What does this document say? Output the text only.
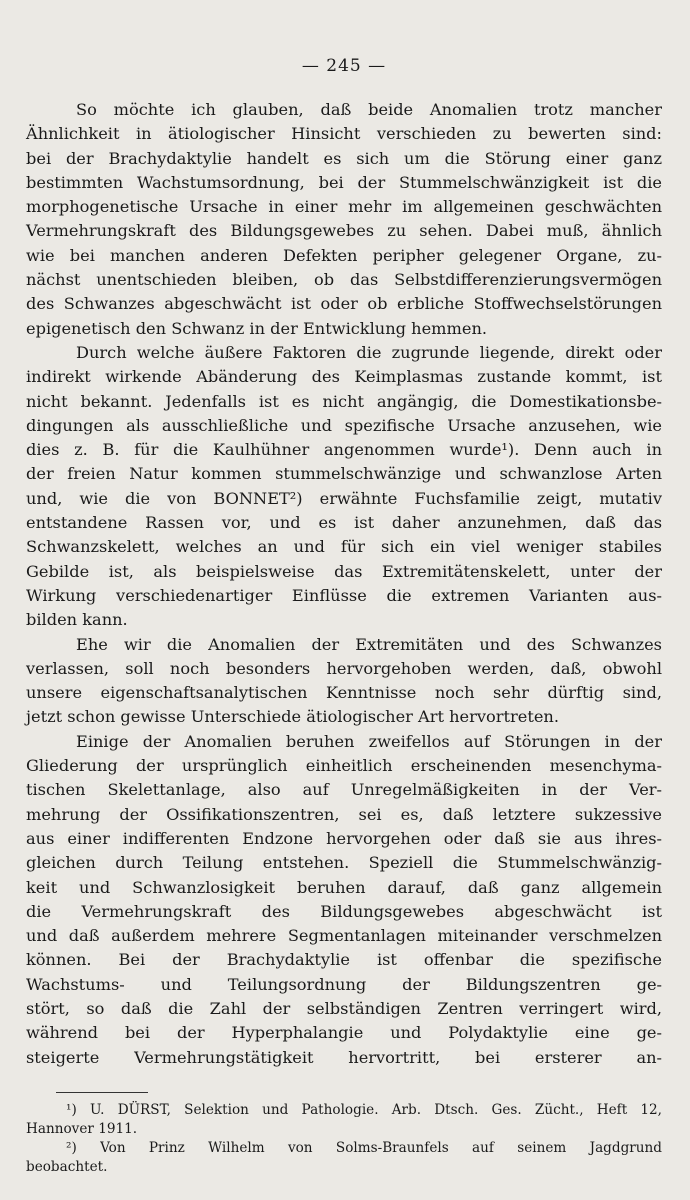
— 245 —
So möchte ich glauben, daß beide Anomalien trotz mancher
Ähnlichkeit in ätiologischer Hinsicht verschieden zu bewerten sind:
bei der Brachydaktylie handelt es sich um die Störung einer ganz
bestimmten Wachstumsordnung, bei der Stummelschwänzigkeit ist die
morphogenetische Ursache in einer mehr im allgemeinen geschwächten
Vermehrungskraft des Bildungsgewebes zu sehen. Dabei muß, ähnlich
wie bei manchen anderen Defekten peripher gelegener Organe, zu-
nächst unentschieden bleiben, ob das Selbstdifferenzierungsvermögen
des Schwanzes abgeschwächt ist oder ob erbliche Stoffwechselstörungen
epigenetisch den Schwanz in der Entwicklung hemmen.
Durch welche äußere Faktoren die zugrunde liegende, direkt oder
indirekt wirkende Abänderung des Keimplasmas zustande kommt, ist
nicht bekannt. Jedenfalls ist es nicht angängig, die Domestikationsbe-
dingungen als ausschließliche und spezifische Ursache anzusehen, wie
dies z. B. für die Kaulhühner angenommen wurde¹). Denn auch in
der freien Natur kommen stummelschwänzige und schwanzlose Arten
und, wie die von BONNET²) erwähnte Fuchsfamilie zeigt, mutativ
entstandene Rassen vor, und es ist daher anzunehmen, daß das
Schwanzskelett, welches an und für sich ein viel weniger stabiles
Gebilde ist, als beispielsweise das Extremitätenskelett, unter der
Wirkung verschiedenartiger Einflüsse die extremen Varianten aus-
bilden kann.
Ehe wir die Anomalien der Extremitäten und des Schwanzes
verlassen, soll noch besonders hervorgehoben werden, daß, obwohl
unsere eigenschaftsanalytischen Kenntnisse noch sehr dürftig sind,
jetzt schon gewisse Unterschiede ätiologischer Art hervortreten.
Einige der Anomalien beruhen zweifellos auf Störungen in der
Gliederung der ursprünglich einheitlich erscheinenden mesenchyma-
tischen Skelettanlage, also auf Unregelmäßigkeiten in der Ver-
mehrung der Ossifikationszentren, sei es, daß letztere sukzessive
aus einer indifferenten Endzone hervorgehen oder daß sie aus ihres-
gleichen durch Teilung entstehen. Speziell die Stummelschwänzig-
keit und Schwanzlosigkeit beruhen darauf, daß ganz allgemein
die Vermehrungskraft des Bildungsgewebes abgeschwächt ist
und daß außerdem mehrere Segmentanlagen miteinander verschmelzen
können. Bei der Brachydaktylie ist offenbar die spezifische
Wachstums- und Teilungsordnung der Bildungszentren ge-
stört, so daß die Zahl der selbständigen Zentren verringert wird,
während bei der Hyperphalangie und Polydaktylie eine ge-
steigerte Vermehrungstätigkeit hervortritt, bei ersterer an-
¹) U. DÜRST, Selektion und Pathologie. Arb. Dtsch. Ges. Zücht., Heft 12,
Hannover 1911.
²) Von Prinz Wilhelm von Solms-Braunfels auf seinem Jagdgrund
beobachtet.
